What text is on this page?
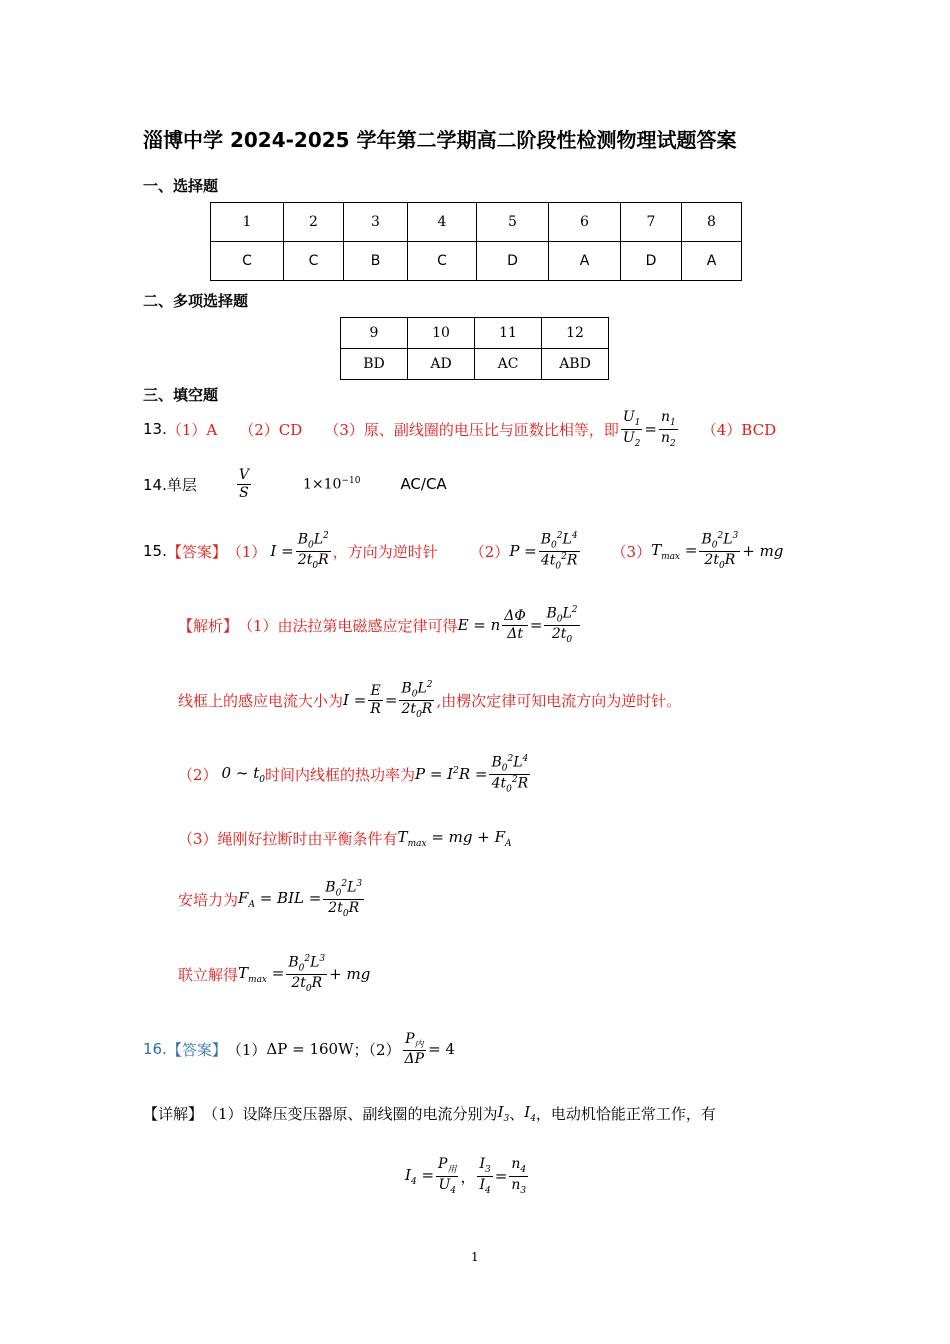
淄博中学 2024-2025 学年第二学期高二阶段性检测物理试题答案
一、选择题
1	2	3	4	5	6	7	8
C	C	B	C	D	A	D	A
二、多项选择题
9	10	11	12
BD	AD	AC	ABD
三、填空题
13. （1）A （2）CD （3）原、副线圈的电压比与匝数比相等，即 $\frac{U_1}{U_2} = \frac{n_1}{n_2} (4)BCD$
14.单层	$\frac{V}{S}$	$1\times 10^{-10}$	AC/CA
15. 【答案】 （1） $I = \frac{B_0L^2}{2t_0R}$ ，方向为逆时针 （2） $P = \frac{B_0^2L^4}{4t_0^2R} (3) T_{max} = \frac{B_0^2L^3}{2t_0R}$ + mg
【解析】 （1）由法拉第电磁感应定律可得 E = n $\frac{\Delta\Phi}{\Delta t} = \frac{B_0L^2}{2t_0}$
线框上的感应电流大小为 $I = \frac{E}{R} = \frac{B_0L^2}{2t_0R}$ ,由楞次定律可知电流方向为逆时针。
（2） 0 ~ $t_0$ 时间内线框的热功率为 $P = I^2R = \frac{B_0^2L^4}{4t_0^2R}$
（3）绳刚好拉断时由平衡条件有 $T_{max}$ = mg + $F_A$
安培力为 $F_A$ = BIL = $\frac{B_0^2L^3}{2t_0R}$
联立解得 $T_{max} = \frac{B_0^2L^3}{2t_0R}$ + mg
16. 【答案】 （1） ΔP = 160W ；$(2) \frac{P_内}{\Delta P} = 4$
【详解】 （1）设降压变压器原、副线圈的电流分别为 $I_3$ 、 $I_4$ ，电动机恰能正常工作，有
$I_4 = \frac{P_用}{U_4}$ ， $\frac{I_3}{I_4} = \frac{n_4}{n_3}$
1
